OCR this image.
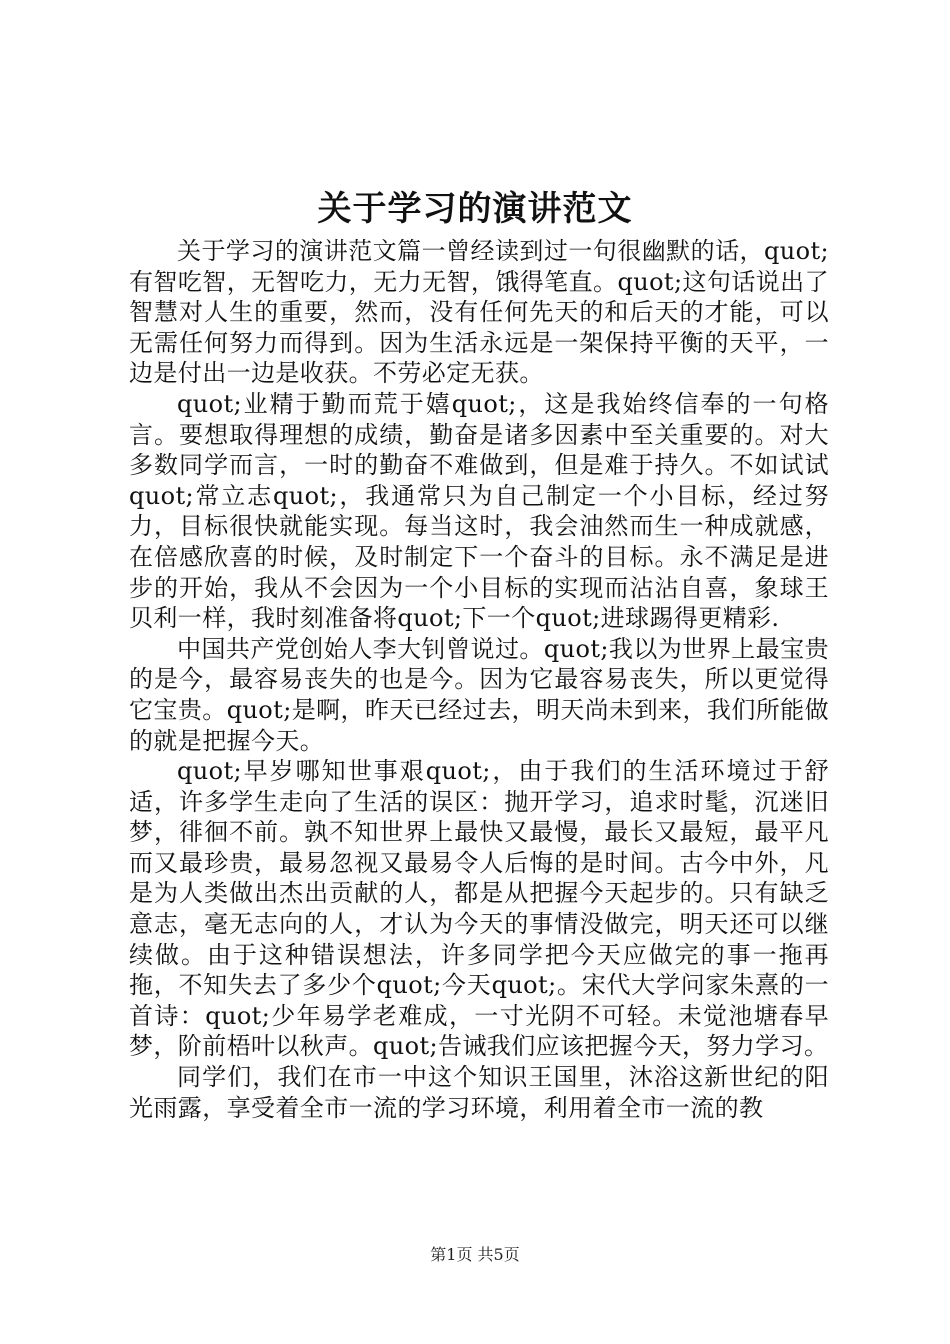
关于学习的演讲范文

关于学习的演讲范文篇一曾经读到过一句很幽默的话，quot;有智吃智，无智吃力，无力无智，饿得笔直。quot;这句话说出了智慧对人生的重要，然而，没有任何先天的和后天的才能，可以无需任何努力而得到。因为生活永远是一架保持平衡的天平，一边是付出一边是收获。不劳必定无获。

quot;业精于勤而荒于嬉quot;，这是我始终信奉的一句格言。要想取得理想的成绩，勤奋是诸多因素中至关重要的。对大多数同学而言，一时的勤奋不难做到，但是难于持久。不如试试quot;常立志quot;，我通常只为自己制定一个小目标，经过努力，目标很快就能实现。每当这时，我会油然而生一种成就感，在倍感欣喜的时候，及时制定下一个奋斗的目标。永不满足是进步的开始，我从不会因为一个小目标的实现而沾沾自喜，象球王贝利一样，我时刻准备将quot;下一个quot;进球踢得更精彩.

中国共产党创始人李大钊曾说过。quot;我以为世界上最宝贵的是今，最容易丧失的也是今。因为它最容易丧失，所以更觉得它宝贵。quot;是啊，昨天已经过去，明天尚未到来，我们所能做的就是把握今天。

quot;早岁哪知世事艰quot;，由于我们的生活环境过于舒适，许多学生走向了生活的误区：抛开学习，追求时髦，沉迷旧梦，徘徊不前。孰不知世界上最快又最慢，最长又最短，最平凡而又最珍贵，最易忽视又最易令人后悔的是时间。古今中外，凡是为人类做出杰出贡献的人，都是从把握今天起步的。只有缺乏意志，毫无志向的人，才认为今天的事情没做完，明天还可以继续做。由于这种错误想法，许多同学把今天应做完的事一拖再拖，不知失去了多少个quot;今天quot;。宋代大学问家朱熹的一首诗：quot;少年易学老难成，一寸光阴不可轻。未觉池塘春早梦，阶前梧叶以秋声。quot;告诫我们应该把握今天，努力学习。

同学们，我们在市一中这个知识王国里，沐浴这新世纪的阳光雨露，享受着全市一流的学习环境，利用着全市一流的教

第1页 共5页
